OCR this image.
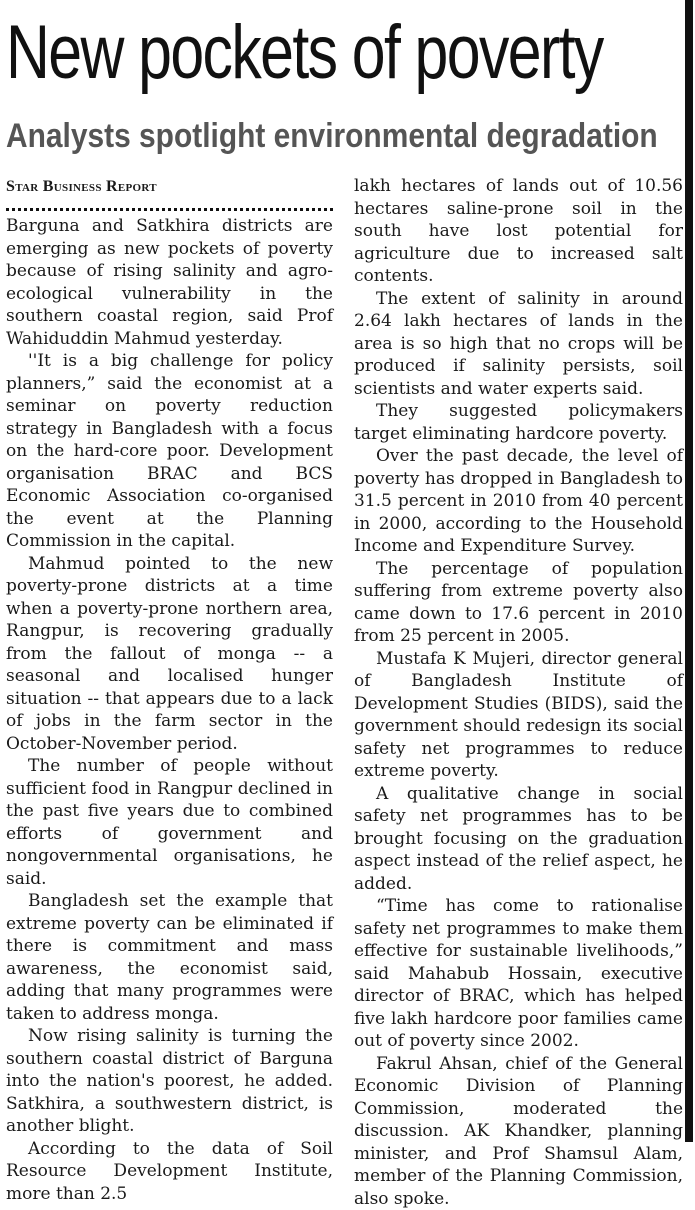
New pockets of poverty
Analysts spotlight environmental degradation
Star Business Report

Barguna and Satkhira districts are emerging as new pockets of poverty because of rising salinity and agro-ecological vulnerability in the southern coastal region, said Prof Wahiduddin Mahmud yesterday.

''It is a big challenge for policy planners,” said the economist at a seminar on poverty reduction strategy in Bangladesh with a focus on the hard-core poor. Development organisation BRAC and BCS Economic Association co-organised the event at the Planning Commission in the capital.

Mahmud pointed to the new poverty-prone districts at a time when a poverty-prone northern area, Rangpur, is recovering gradually from the fallout of monga -- a seasonal and localised hunger situation -- that appears due to a lack of jobs in the farm sector in the October-November period.

The number of people without sufficient food in Rangpur declined in the past five years due to combined efforts of government and nongovernmental organisations, he said.

Bangladesh set the example that extreme poverty can be eliminated if there is commitment and mass awareness, the economist said, adding that many programmes were taken to address monga.

Now rising salinity is turning the southern coastal district of Barguna into the nation's poorest, he added. Satkhira, a southwestern district, is another blight.

According to the data of Soil Resource Development Institute, more than 2.5

lakh hectares of lands out of 10.56 hectares saline-prone soil in the south have lost potential for agriculture due to increased salt contents.

The extent of salinity in around 2.64 lakh hectares of lands in the area is so high that no crops will be produced if salinity persists, soil scientists and water experts said.

They suggested policymakers target eliminating hardcore poverty.

Over the past decade, the level of poverty has dropped in Bangladesh to 31.5 percent in 2010 from 40 percent in 2000, according to the Household Income and Expenditure Survey.

The percentage of population suffering from extreme poverty also came down to 17.6 percent in 2010 from 25 percent in 2005.

Mustafa K Mujeri, director general of Bangladesh Institute of Development Studies (BIDS), said the government should redesign its social safety net programmes to reduce extreme poverty.

A qualitative change in social safety net programmes has to be brought focusing on the graduation aspect instead of the relief aspect, he added.

“Time has come to rationalise safety net programmes to make them effective for sustainable livelihoods,” said Mahabub Hossain, executive director of BRAC, which has helped five lakh hardcore poor families came out of poverty since 2002.

Fakrul Ahsan, chief of the General Economic Division of Planning Commission, moderated the discussion. AK Khandker, planning minister, and Prof Shamsul Alam, member of the Planning Commission, also spoke.
